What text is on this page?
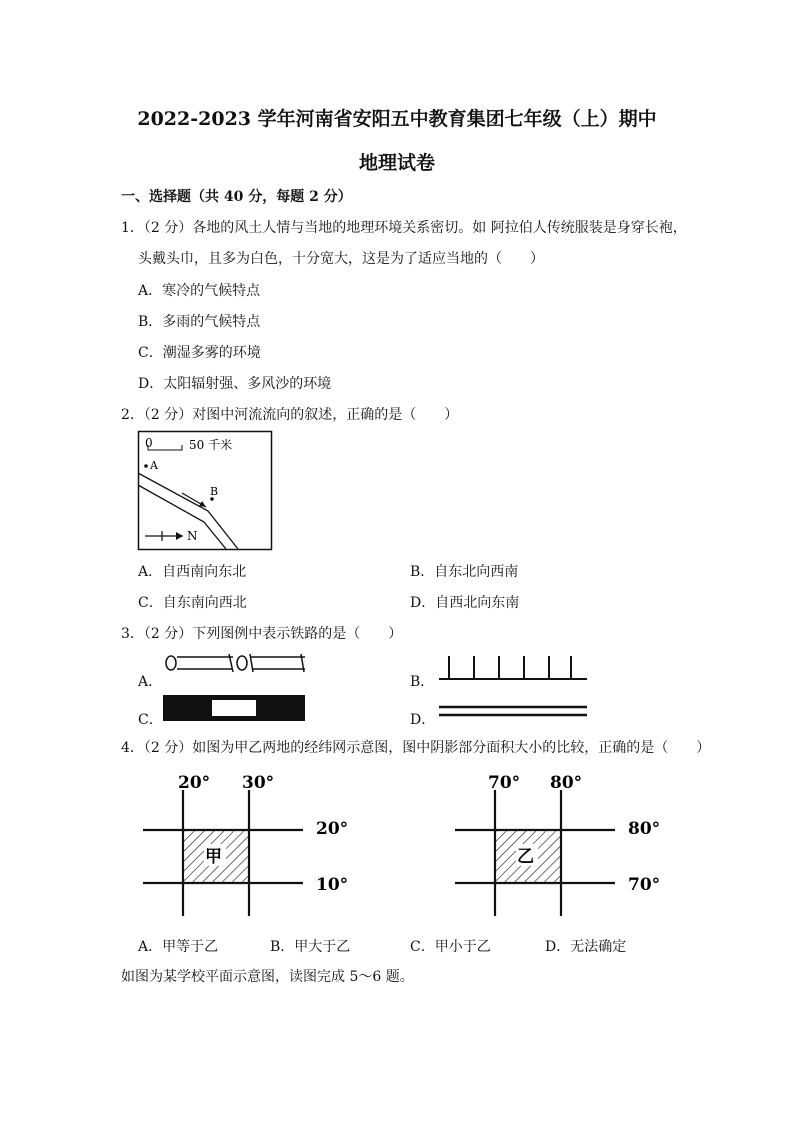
2022-2023 学年河南省安阳五中教育集团七年级（上）期中
地理试卷
一、选择题（共 40 分，每题 2 分）
1．（2 分）各地的风土人情与当地的地理环境关系密切。如 阿拉伯人传统服装是身穿长袍，
头戴头巾，且多为白色，十分宽大，这是为了适应当地的（　　）
A．寒冷的气候特点
B．多雨的气候特点
C．潮湿多雾的环境
D．太阳辐射强、多风沙的环境
2．（2 分）对图中河流流向的叙述，正确的是（　　）
0	50 千米
A
B
N
A．自西南向东北	B．自东北向西南
C．自东南向西北	D．自西北向东南
3．（2 分）下列图例中表示铁路的是（　　）
A．	B．
C．	D．
4．（2 分）如图为甲乙两地的经纬网示意图，图中阴影部分面积大小的比较，正确的是（　　）
20° 30°
20°
10°
甲
70° 80°
80°
70°
乙
A．甲等于乙	B．甲大于乙	C．甲小于乙	D．无法确定
如图为某学校平面示意图，读图完成 5～6 题。
